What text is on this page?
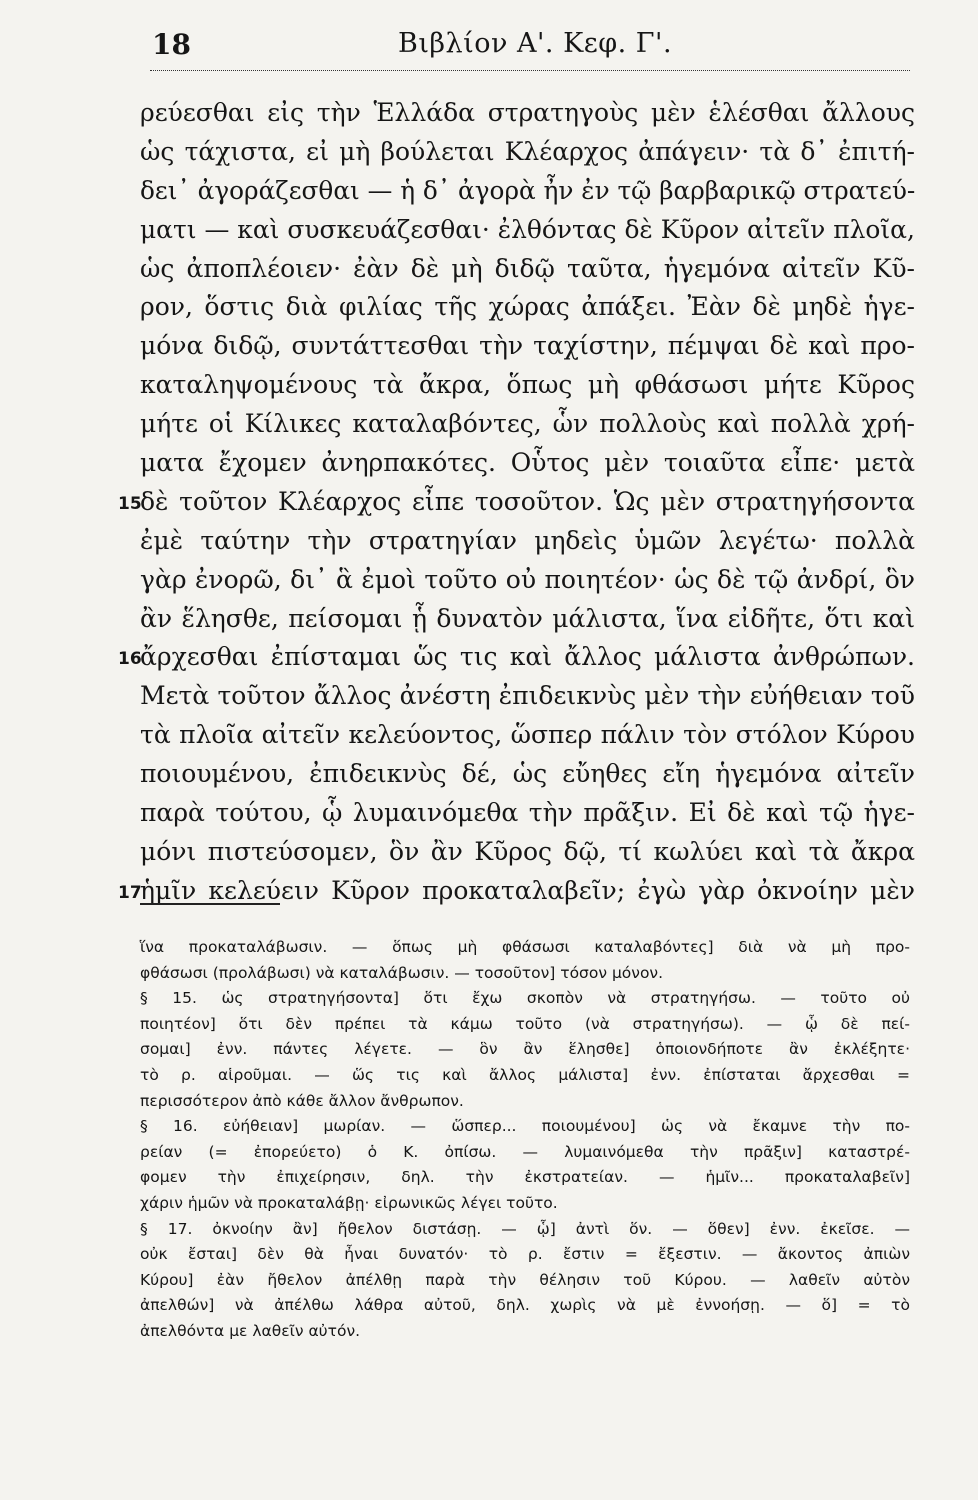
18	Βιβλίον Α'. Κεφ. Γ'.
ρεύεσθαι εἰς τὴν Ἑλλάδα στρατηγοὺς μὲν ἑλέσθαι ἄλλους
ὡς τάχιστα, εἰ μὴ βούλεται Κλέαρχος ἀπάγειν· τὰ δ᾽ ἐπιτή-
δει᾽ ἀγοράζεσθαι — ἡ δ᾽ ἀγορὰ ἦν ἐν τῷ βαρβαρικῷ στρατεύ-
ματι — καὶ συσκευάζεσθαι· ἐλθόντας δὲ Κῦρον αἰτεῖν πλοῖα,
ὡς ἀποπλέοιεν· ἐὰν δὲ μὴ διδῷ ταῦτα, ἡγεμόνα αἰτεῖν Κῦ-
ρον, ὅστις διὰ φιλίας τῆς χώρας ἀπάξει. Ἐὰν δὲ μηδὲ ἡγε-
μόνα διδῷ, συντάττεσθαι τὴν ταχίστην, πέμψαι δὲ καὶ προ-
καταληψομένους τὰ ἄκρα, ὅπως μὴ φθάσωσι μήτε Κῦρος
μήτε οἱ Κίλικες καταλαβόντες, ὧν πολλοὺς καὶ πολλὰ χρή-
ματα ἔχομεν ἀνηρπακότες. Οὗτος μὲν τοιαῦτα εἶπε· μετὰ
15
δὲ τοῦτον Κλέαρχος εἶπε τοσοῦτον. Ὡς μὲν στρατηγήσοντα
ἐμὲ ταύτην τὴν στρατηγίαν μηδεὶς ὑμῶν λεγέτω· πολλὰ
γὰρ ἐνορῶ, δι᾽ ἃ ἐμοὶ τοῦτο οὐ ποιητέον· ὡς δὲ τῷ ἀνδρί, ὃν
ἂν ἕλησθε, πείσομαι ᾗ δυνατὸν μάλιστα, ἵνα εἰδῆτε, ὅτι καὶ
16
ἄρχεσθαι ἐπίσταμαι ὥς τις καὶ ἄλλος μάλιστα ἀνθρώπων.
Μετὰ τοῦτον ἄλλος ἀνέστη ἐπιδεικνὺς μὲν τὴν εὐήθειαν τοῦ
τὰ πλοῖα αἰτεῖν κελεύοντος, ὥσπερ πάλιν τὸν στόλον Κύρου
ποιουμένου, ἐπιδεικνὺς δέ, ὡς εὔηθες εἴη ἡγεμόνα αἰτεῖν
παρὰ τούτου, ᾧ λυμαινόμεθα τὴν πρᾶξιν. Εἰ δὲ καὶ τῷ ἡγε-
μόνι πιστεύσομεν, ὃν ἂν Κῦρος δῷ, τί κωλύει καὶ τὰ ἄκρα
17
ἡμῖν κελεύειν Κῦρον προκαταλαβεῖν; ἐγὼ γὰρ ὀκνοίην μὲν
ἵνα προκαταλάβωσιν. — ὅπως μὴ φθάσωσι καταλαβόντες] διὰ νὰ μὴ προ-
φθάσωσι (προλάβωσι) νὰ καταλάβωσιν. — τοσοῦτον] τόσον μόνον.
§ 15. ὡς στρατηγήσοντα] ὅτι ἔχω σκοπὸν νὰ στρατηγήσω. — τοῦτο οὐ
ποιητέον] ὅτι δὲν πρέπει τὰ κάμω τοῦτο (νὰ στρατηγήσω). — ᾧ δὲ πεί-
σομαι] ἐνν. πάντες λέγετε. — ὃν ἂν ἕλησθε] ὁποιονδήποτε ἂν ἐκλέξητε·
τὸ ρ. αἱροῦμαι. — ὥς τις καὶ ἄλλος μάλιστα] ἐνν. ἐπίσταται ἄρχεσθαι =
περισσότερον ἀπὸ κάθε ἄλλον ἄνθρωπον.
§ 16. εὐήθειαν] μωρίαν. — ὥσπερ... ποιουμένου] ὡς νὰ ἔκαμνε τὴν πο-
ρείαν (= ἐπορεύετο) ὁ Κ. ὀπίσω. — λυμαινόμεθα τὴν πρᾶξιν] καταστρέ-
φομεν τὴν ἐπιχείρησιν, δηλ. τὴν ἐκστρατείαν. — ἡμῖν... προκαταλαβεῖν]
χάριν ἡμῶν νὰ προκαταλάβῃ· εἰρωνικῶς λέγει τοῦτο.
§ 17. ὀκνοίην ἂν] ἤθελον διστάσῃ. — ᾧ] ἀντὶ ὅν. — ὅθεν] ἐνν. ἐκεῖσε. —
οὐκ ἔσται] δὲν θὰ ἦναι δυνατόν· τὸ ρ. ἔστιν = ἔξεστιν. — ἄκοντος ἀπιὼν
Κύρου] ἐὰν ἤθελον ἀπέλθῃ παρὰ τὴν θέλησιν τοῦ Κύρου. — λαθεῖν αὐτὸν
ἀπελθών] νὰ ἀπέλθω λάθρα αὐτοῦ, δηλ. χωρὶς νὰ μὲ ἐννοήσῃ. — ὅ] = τὸ
ἀπελθόντα με λαθεῖν αὐτόν.
